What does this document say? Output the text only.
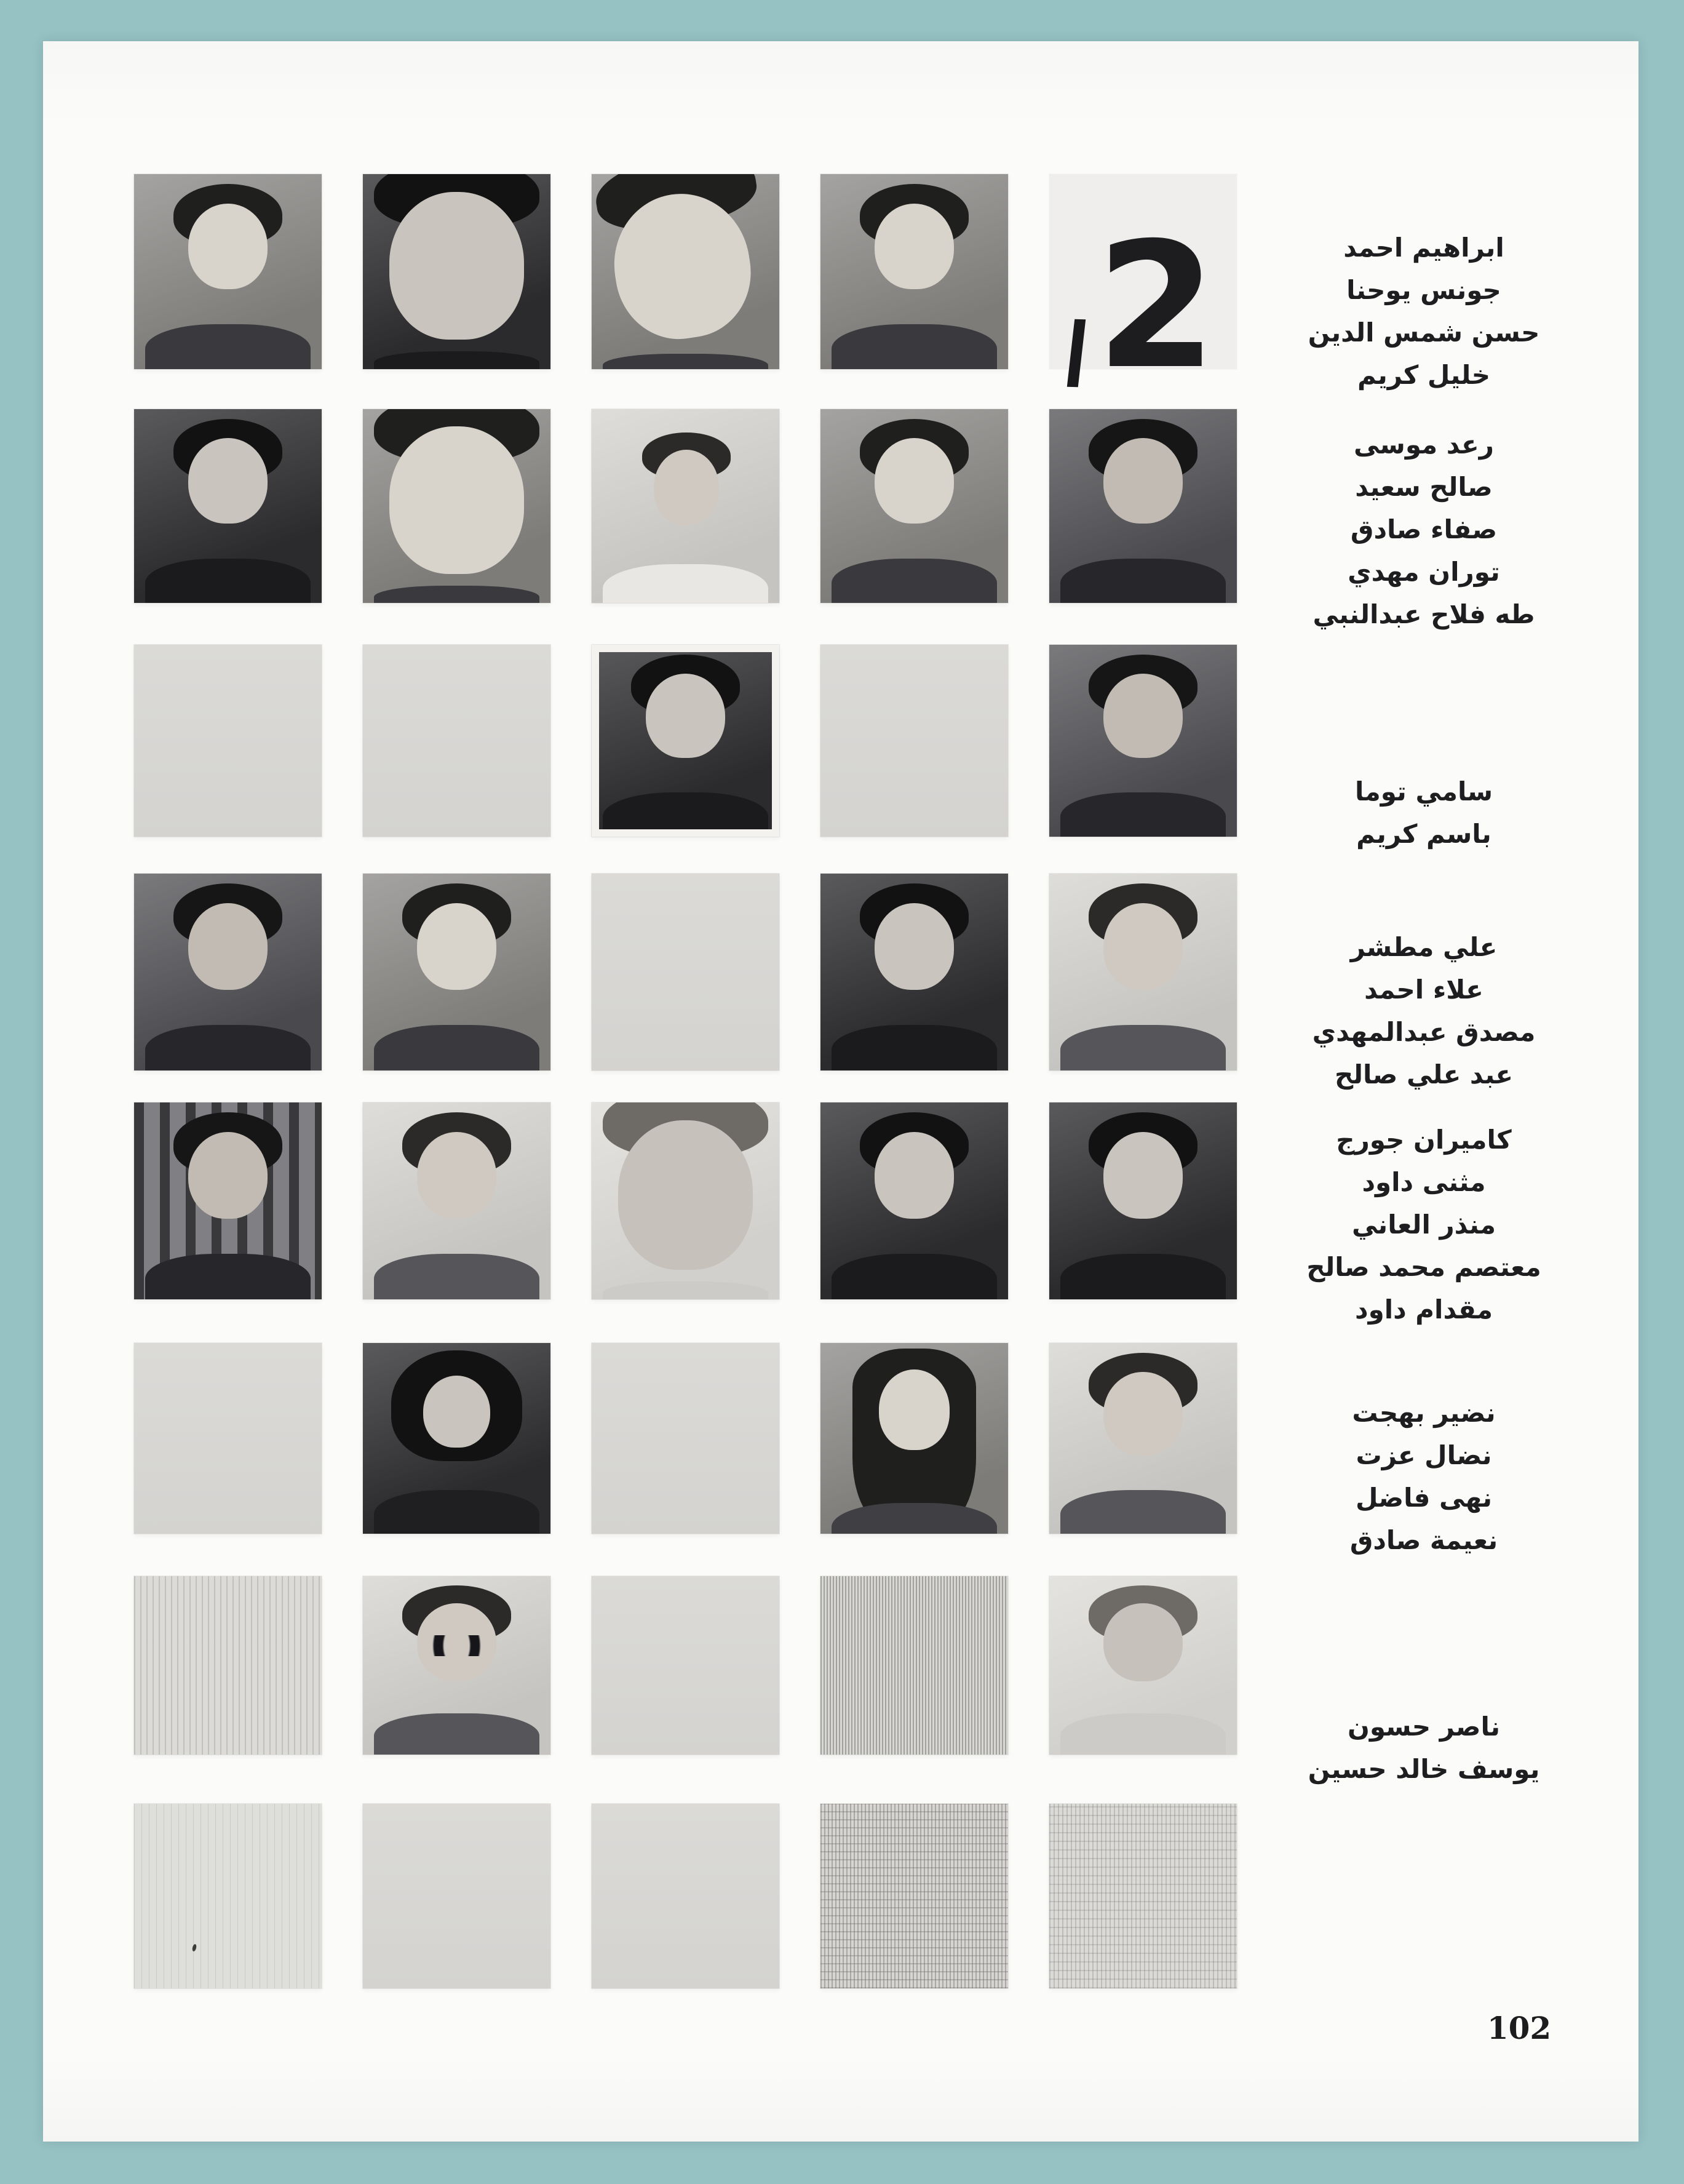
2	ابراهيم احمد
جونس يوحنا
حسن شمس الدين
خليل كريم
رعد موسى
صالح سعيد
صفاء صادق
توران مهدي
طه فلاح عبدالنبي
سامي توما
باسم كريم
علي مطشر
علاء احمد
مصدق عبدالمهدي
عبد علي صالح
كاميران جورج
مثنى داود
منذر العاني
معتصم محمد صالح
مقدام داود
نضير بهجت
نضال عزت
نهى فاضل
نعيمة صادق
ناصر حسون
يوسف خالد حسين
102
